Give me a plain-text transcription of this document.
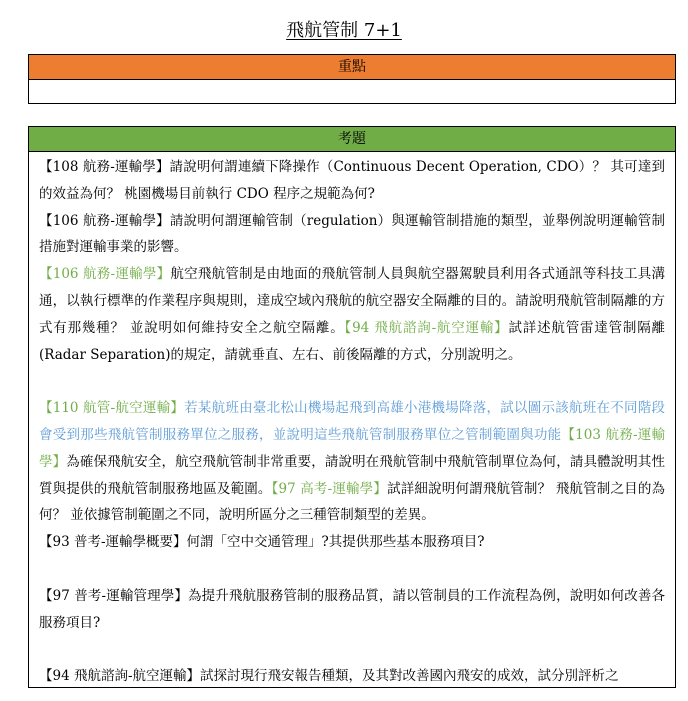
飛航管制 7+1
重點
考題

【108 航務-運輸學】請說明何謂連續下降操作（Continuous Decent Operation, CDO）？ 其可達到的效益為何？ 桃園機場目前執行 CDO 程序之規範為何?

【106 航務-運輸學】請說明何謂運輸管制（regulation）與運輸管制措施的類型，並舉例說明運輸管制措施對運輸事業的影響。

【106 航務-運輸學】航空飛航管制是由地面的飛航管制人員與航空器駕駛員利用各式通訊等科技工具溝 通，以執行標準的作業程序與規則，達成空域內飛航的航空器安全隔離的目的。請說明飛航管制隔離的方式有那幾種？ 並說明如何維持安全之航空隔離。【94 飛航諮詢-航空運輸】試詳述航管雷達管制隔離(Radar Separation)的規定，請就垂直、左右、前後隔離的方式，分別說明之。

【110 航管-航空運輸】若某航班由臺北松山機場起飛到高雄小港機場降落，試以圖示該航班在不同階段會受到那些飛航管制服務單位之服務，並說明這些飛航管制服務單位之管制範圍與功能【103 航務-運輸學】為確保飛航安全，航空飛航管制非常重要，請說明在飛航管制中飛航管制單位為何，請具體說明其性質與提供的飛航管制服務地區及範圍。【97 高考-運輸學】試詳細說明何謂飛航管制？ 飛航管制之目的為何？ 並依據管制範圍之不同，說明所區分之三種管制類型的差異。

【93 普考-運輸學概要】何謂「空中交通管理」?其提供那些基本服務項目?

【97 普考-運輸管理學】為提升飛航服務管制的服務品質，請以管制員的工作流程為例，說明如何改善各服務項目?

【94 飛航諮詢-航空運輸】試探討現行飛安報告種類，及其對改善國內飛安的成效，試分別評析之
